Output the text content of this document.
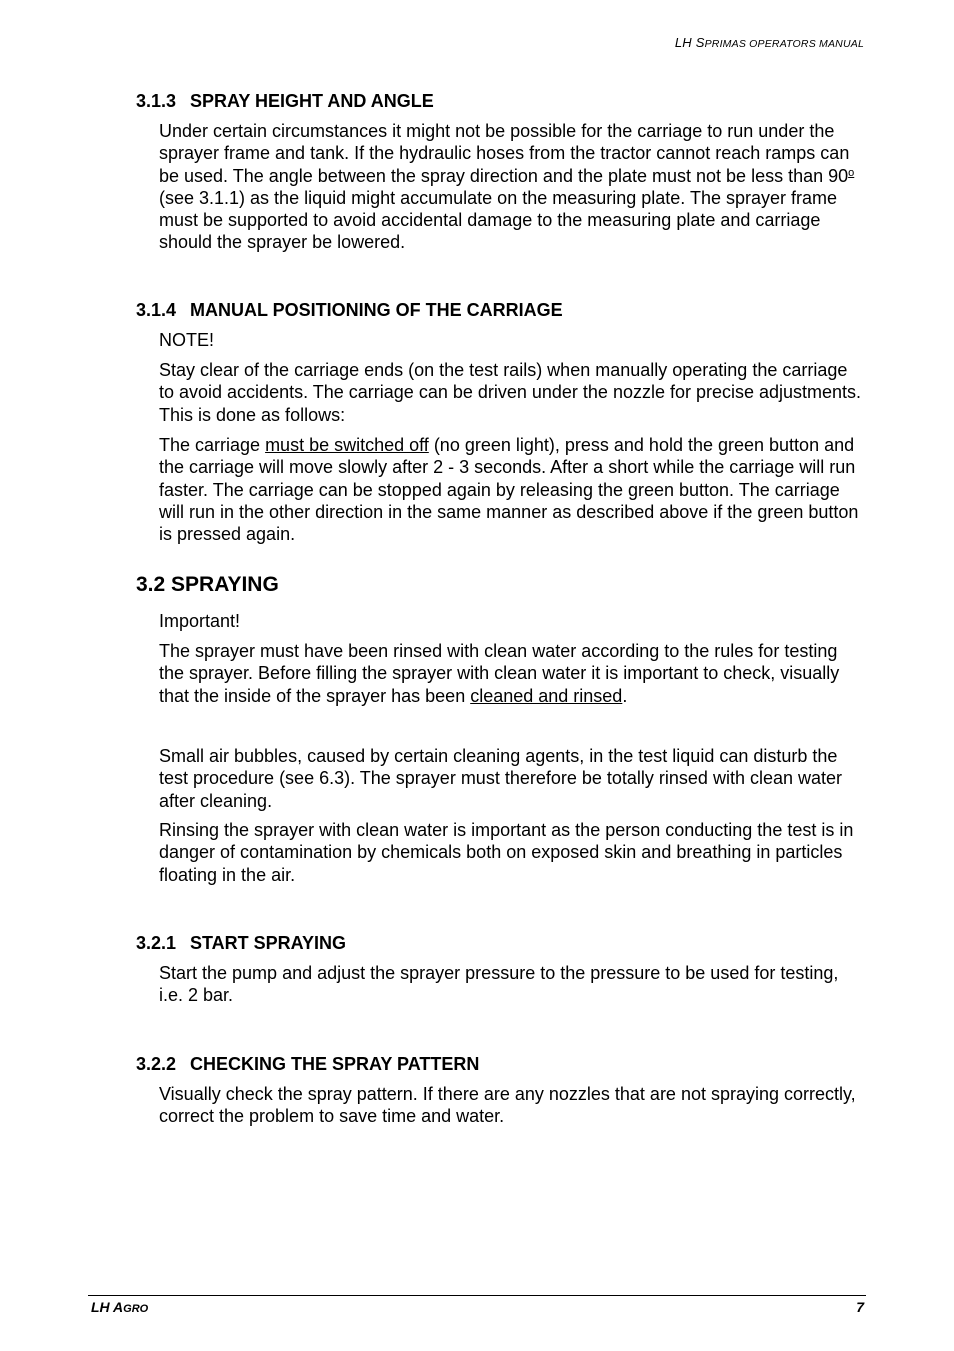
LH SPRIMAS OPERATORS MANUAL
3.1.3 SPRAY HEIGHT AND ANGLE

Under certain circumstances it might not be possible for the carriage to run under the sprayer frame and tank. If the hydraulic hoses from the tractor cannot reach ramps can be used. The angle between the spray direction and the plate must not be less than 90$^o$ (see 3.1.1) as the liquid might accumulate on the measuring plate. The sprayer frame must be supported to avoid accidental damage to the measuring plate and carriage should the sprayer be lowered.

3.1.4 MANUAL POSITIONING OF THE CARRIAGE

NOTE!

Stay clear of the carriage ends (on the test rails) when manually operating the carriage to avoid accidents. The carriage can be driven under the nozzle for precise adjustments. This is done as follows:

The carriage must be switched off (no green light), press and hold the green button and the carriage will move slowly after 2 - 3 seconds. After a short while the carriage will run faster. The carriage can be stopped again by releasing the green button. The carriage will run in the other direction in the same manner as described above if the green button is pressed again.

3.2 SPRAYING

Important!

The sprayer must have been rinsed with clean water according to the rules for testing the sprayer. Before filling the sprayer with clean water it is important to check, visually that the inside of the sprayer has been cleaned and rinsed.

Small air bubbles, caused by certain cleaning agents, in the test liquid can disturb the test procedure (see 6.3). The sprayer must therefore be totally rinsed with clean water after cleaning.

Rinsing the sprayer with clean water is important as the person conducting the test is in danger of contamination by chemicals both on exposed skin and breathing in particles floating in the air.

3.2.1 START SPRAYING

Start the pump and adjust the sprayer pressure to the pressure to be used for testing, i.e. 2 bar.

3.2.2 CHECKING THE SPRAY PATTERN

Visually check the spray pattern. If there are any nozzles that are not spraying correctly, correct the problem to save time and water.

LH AGRO	7
